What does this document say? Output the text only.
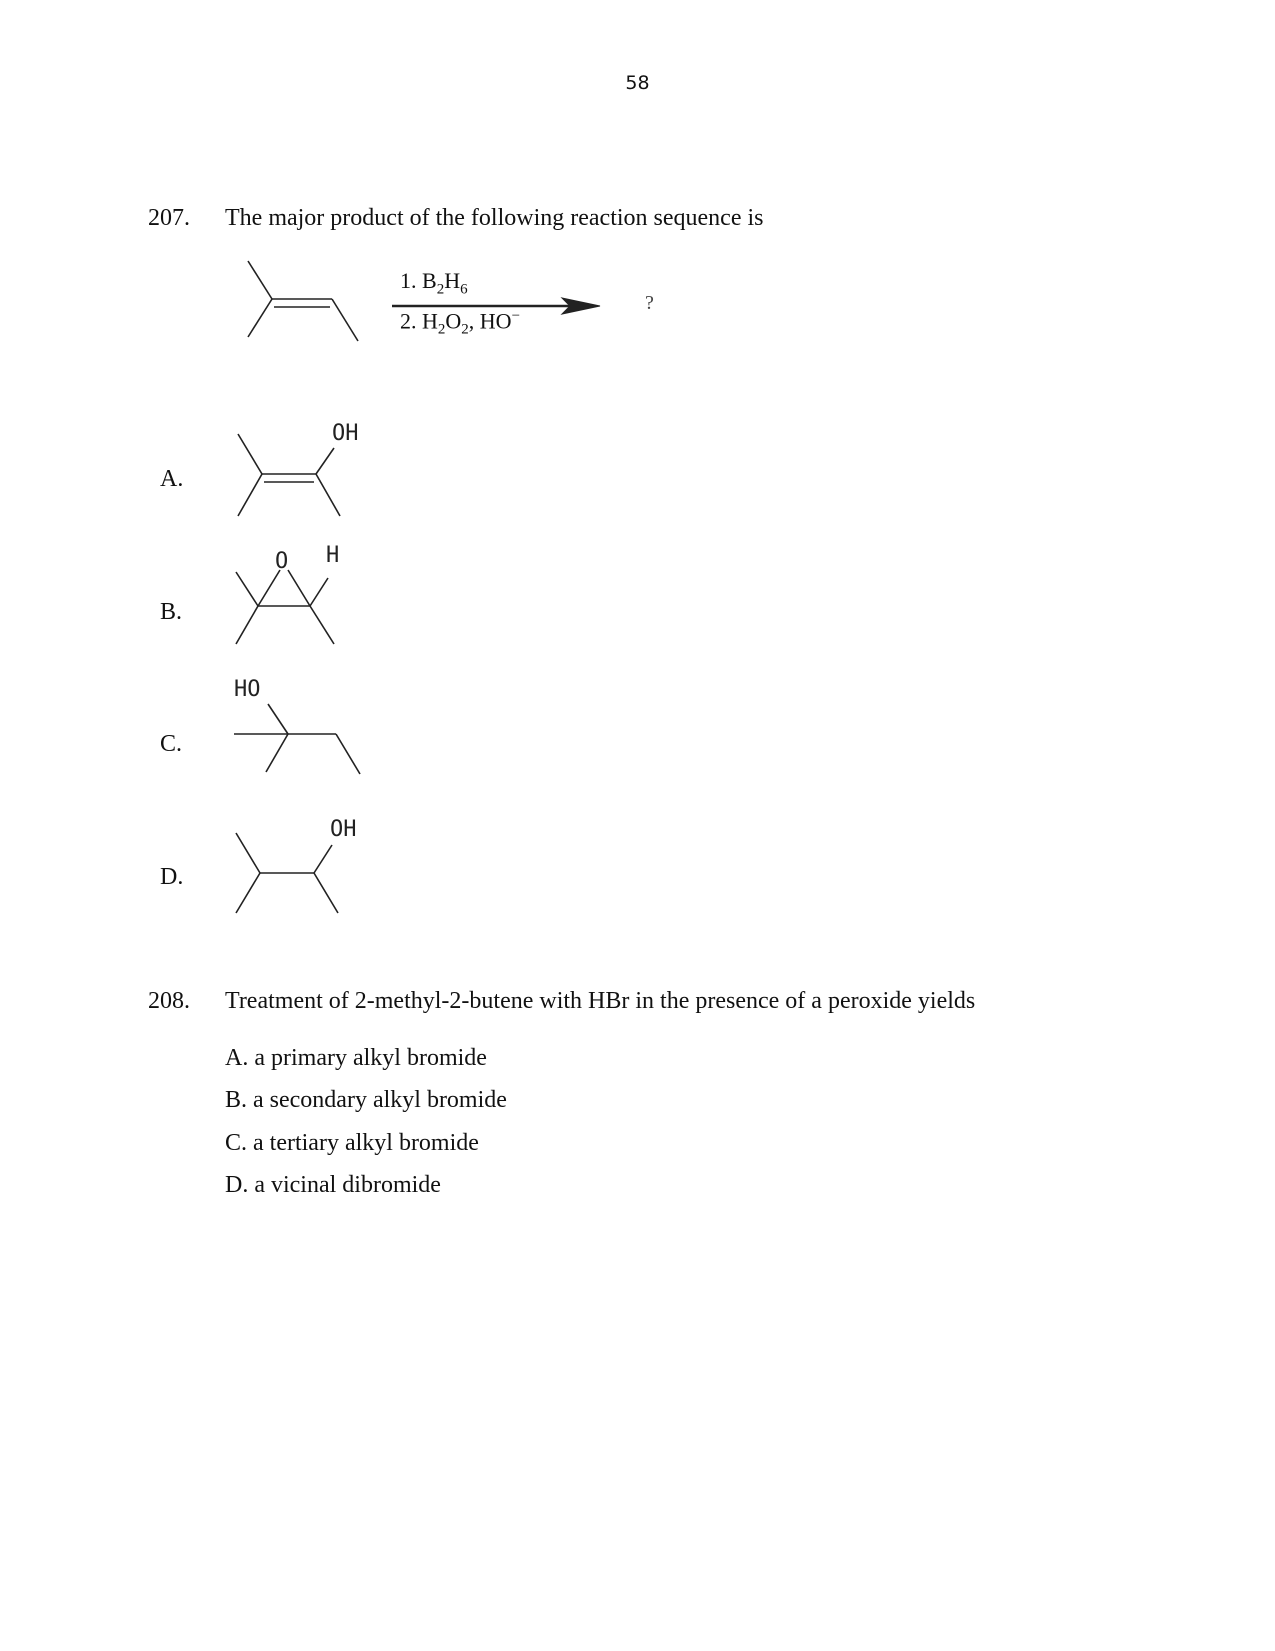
58
207. The major product of the following reaction sequence is
1. $B_2H_6$
2. $H_2O_2$, HO−
?
A.
OH
B.
O H
C.
HO
D.
OH
208. Treatment of 2-methyl-2-butene with HBr in the presence of a peroxide yields
A. a primary alkyl bromide
B. a secondary alkyl bromide
C. a tertiary alkyl bromide
D. a vicinal dibromide
